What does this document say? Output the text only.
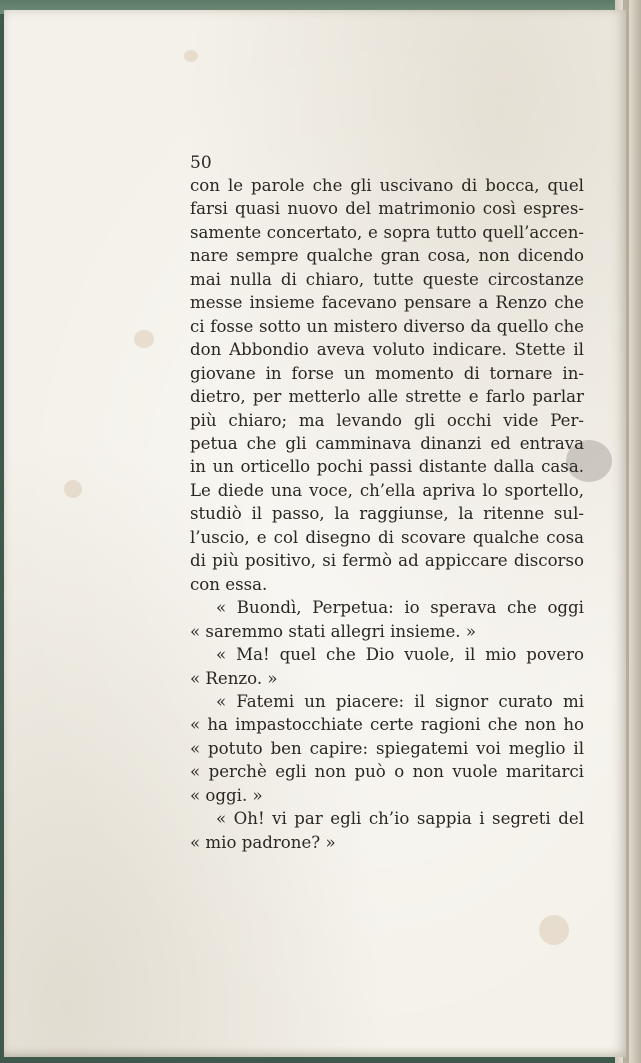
50
con le parole che gli uscivano di bocca, quel
farsi quasi nuovo del matrimonio così espres-
samente concertato, e sopra tutto quell’accen-
nare sempre qualche gran cosa, non dicendo
mai nulla di chiaro, tutte queste circostanze
messe insieme facevano pensare a Renzo che
ci fosse sotto un mistero diverso da quello che
don Abbondio aveva voluto indicare. Stette il
giovane in forse un momento di tornare in-
dietro, per metterlo alle strette e farlo parlar
più chiaro; ma levando gli occhi vide Per-
petua che gli camminava dinanzi ed entrava
in un orticello pochi passi distante dalla casa.
Le diede una voce, ch’ella apriva lo sportello,
studiò il passo, la raggiunse, la ritenne sul-
l’uscio, e col disegno di scovare qualche cosa
di più positivo, si fermò ad appiccare discorso
con essa.
« Buondì, Perpetua: io sperava che oggi
« saremmo stati allegri insieme. »
« Ma! quel che Dio vuole, il mio povero
« Renzo. »
« Fatemi un piacere: il signor curato mi
« ha impastocchiate certe ragioni che non ho
« potuto ben capire: spiegatemi voi meglio il
« perchè egli non può o non vuole maritarci
« oggi. »
« Oh! vi par egli ch’io sappia i segreti del
« mio padrone? »
